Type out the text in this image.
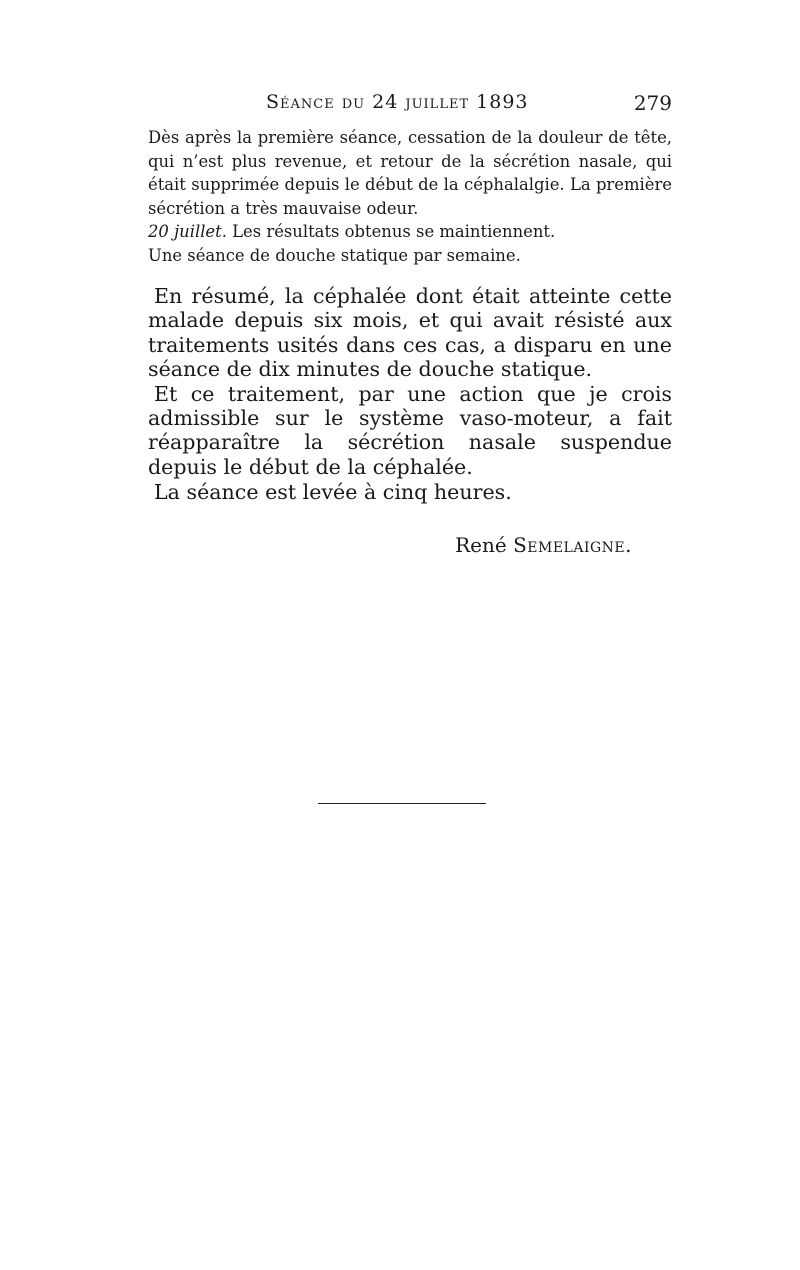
Séance du 24 juillet 1893	279

Dès après la première séance, cessation de la douleur de tête, qui n’est plus revenue, et retour de la sécrétion nasale, qui était supprimée depuis le début de la céphalalgie. La première sécrétion a très mauvaise odeur.

20 juillet. Les résultats obtenus se maintiennent.

Une séance de douche statique par semaine.

En résumé, la céphalée dont était atteinte cette malade depuis six mois, et qui avait résisté aux traitements usités dans ces cas, a disparu en une séance de dix minutes de douche statique.

Et ce traitement, par une action que je crois admissible sur le système vaso-moteur, a fait réapparaître la sécrétion nasale suspendue depuis le début de la céphalée.

La séance est levée à cinq heures.
René Semelaigne.
